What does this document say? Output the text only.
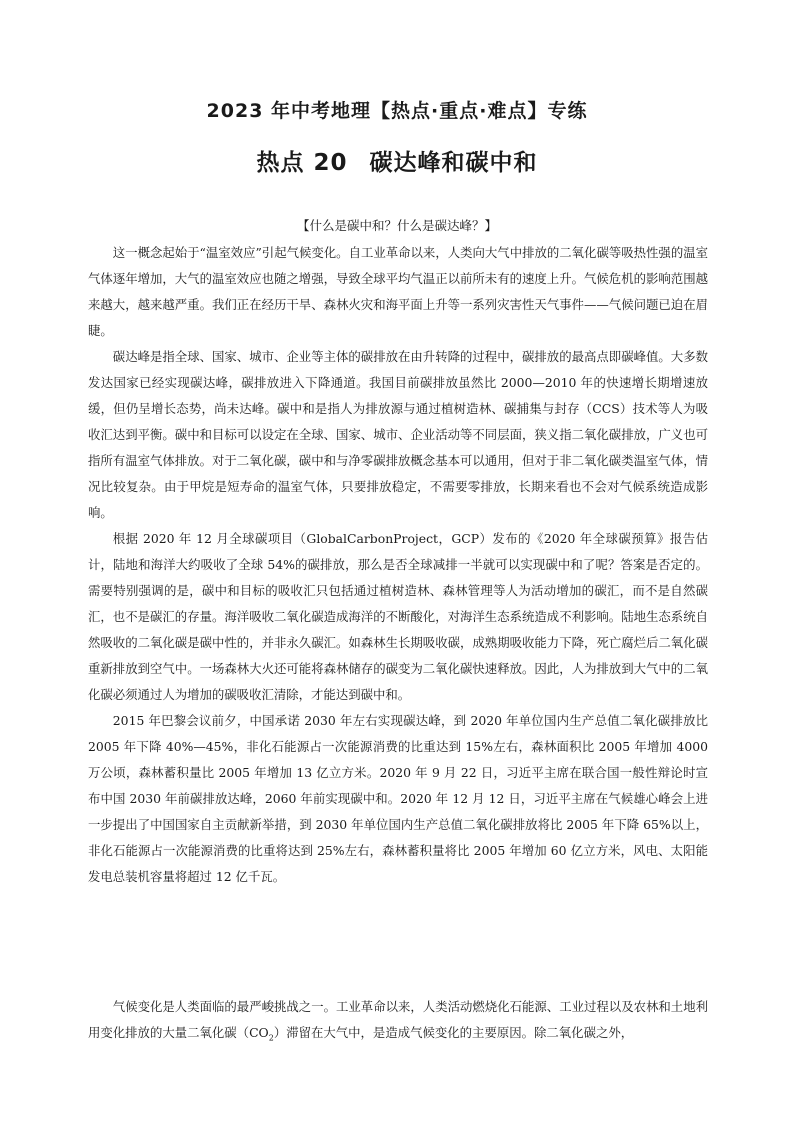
2023 年中考地理【热点·重点·难点】专练
热点 20 碳达峰和碳中和
【什么是碳中和？什么是碳达峰？】

这一概念起始于“温室效应”引起气候变化。自工业革命以来，人类向大气中排放的二氧化碳等吸热性强的温室气体逐年增加，大气的温室效应也随之增强，导致全球平均气温正以前所未有的速度上升。气候危机的影响范围越来越大，越来越严重。我们正在经历干旱、森林火灾和海平面上升等一系列灾害性天气事件——气候问题已迫在眉睫。

碳达峰是指全球、国家、城市、企业等主体的碳排放在由升转降的过程中，碳排放的最高点即碳峰值。大多数发达国家已经实现碳达峰，碳排放进入下降通道。我国目前碳排放虽然比 2000—2010 年的快速增长期增速放缓，但仍呈增长态势，尚未达峰。碳中和是指人为排放源与通过植树造林、碳捕集与封存（CCS）技术等人为吸收汇达到平衡。碳中和目标可以设定在全球、国家、城市、企业活动等不同层面，狭义指二氧化碳排放，广义也可指所有温室气体排放。对于二氧化碳，碳中和与净零碳排放概念基本可以通用，但对于非二氧化碳类温室气体，情况比较复杂。由于甲烷是短寿命的温室气体，只要排放稳定，不需要零排放，长期来看也不会对气候系统造成影响。

根据 2020 年 12 月全球碳项目（GlobalCarbonProject，GCP）发布的《2020 年全球碳预算》报告估计，陆地和海洋大约吸收了全球 54%的碳排放，那么是否全球减排一半就可以实现碳中和了呢？答案是否定的。需要特别强调的是，碳中和目标的吸收汇只包括通过植树造林、森林管理等人为活动增加的碳汇，而不是自然碳汇，也不是碳汇的存量。海洋吸收二氧化碳造成海洋的不断酸化，对海洋生态系统造成不利影响。陆地生态系统自然吸收的二氧化碳是碳中性的，并非永久碳汇。如森林生长期吸收碳，成熟期吸收能力下降，死亡腐烂后二氧化碳重新排放到空气中。一场森林大火还可能将森林储存的碳变为二氧化碳快速释放。因此，人为排放到大气中的二氧化碳必须通过人为增加的碳吸收汇清除，才能达到碳中和。

2015 年巴黎会议前夕，中国承诺 2030 年左右实现碳达峰，到 2020 年单位国内生产总值二氧化碳排放比 2005 年下降 40%—45%，非化石能源占一次能源消费的比重达到 15%左右，森林面积比 2005 年增加 4000 万公顷，森林蓄积量比 2005 年增加 13 亿立方米。2020 年 9 月 22 日，习近平主席在联合国一般性辩论时宣布中国 2030 年前碳排放达峰，2060 年前实现碳中和。2020 年 12 月 12 日，习近平主席在气候雄心峰会上进一步提出了中国国家自主贡献新举措，到 2030 年单位国内生产总值二氧化碳排放将比 2005 年下降 65%以上，非化石能源占一次能源消费的比重将达到 25%左右，森林蓄积量将比 2005 年增加 60 亿立方米，风电、太阳能发电总装机容量将超过 12 亿千瓦。

气候变化是人类面临的最严峻挑战之一。工业革命以来，人类活动燃烧化石能源、工业过程以及农林和土地利用变化排放的大量二氧化碳$(CO_2)$滞留在大气中，是造成气候变化的主要原因。除二氧化碳之外，
